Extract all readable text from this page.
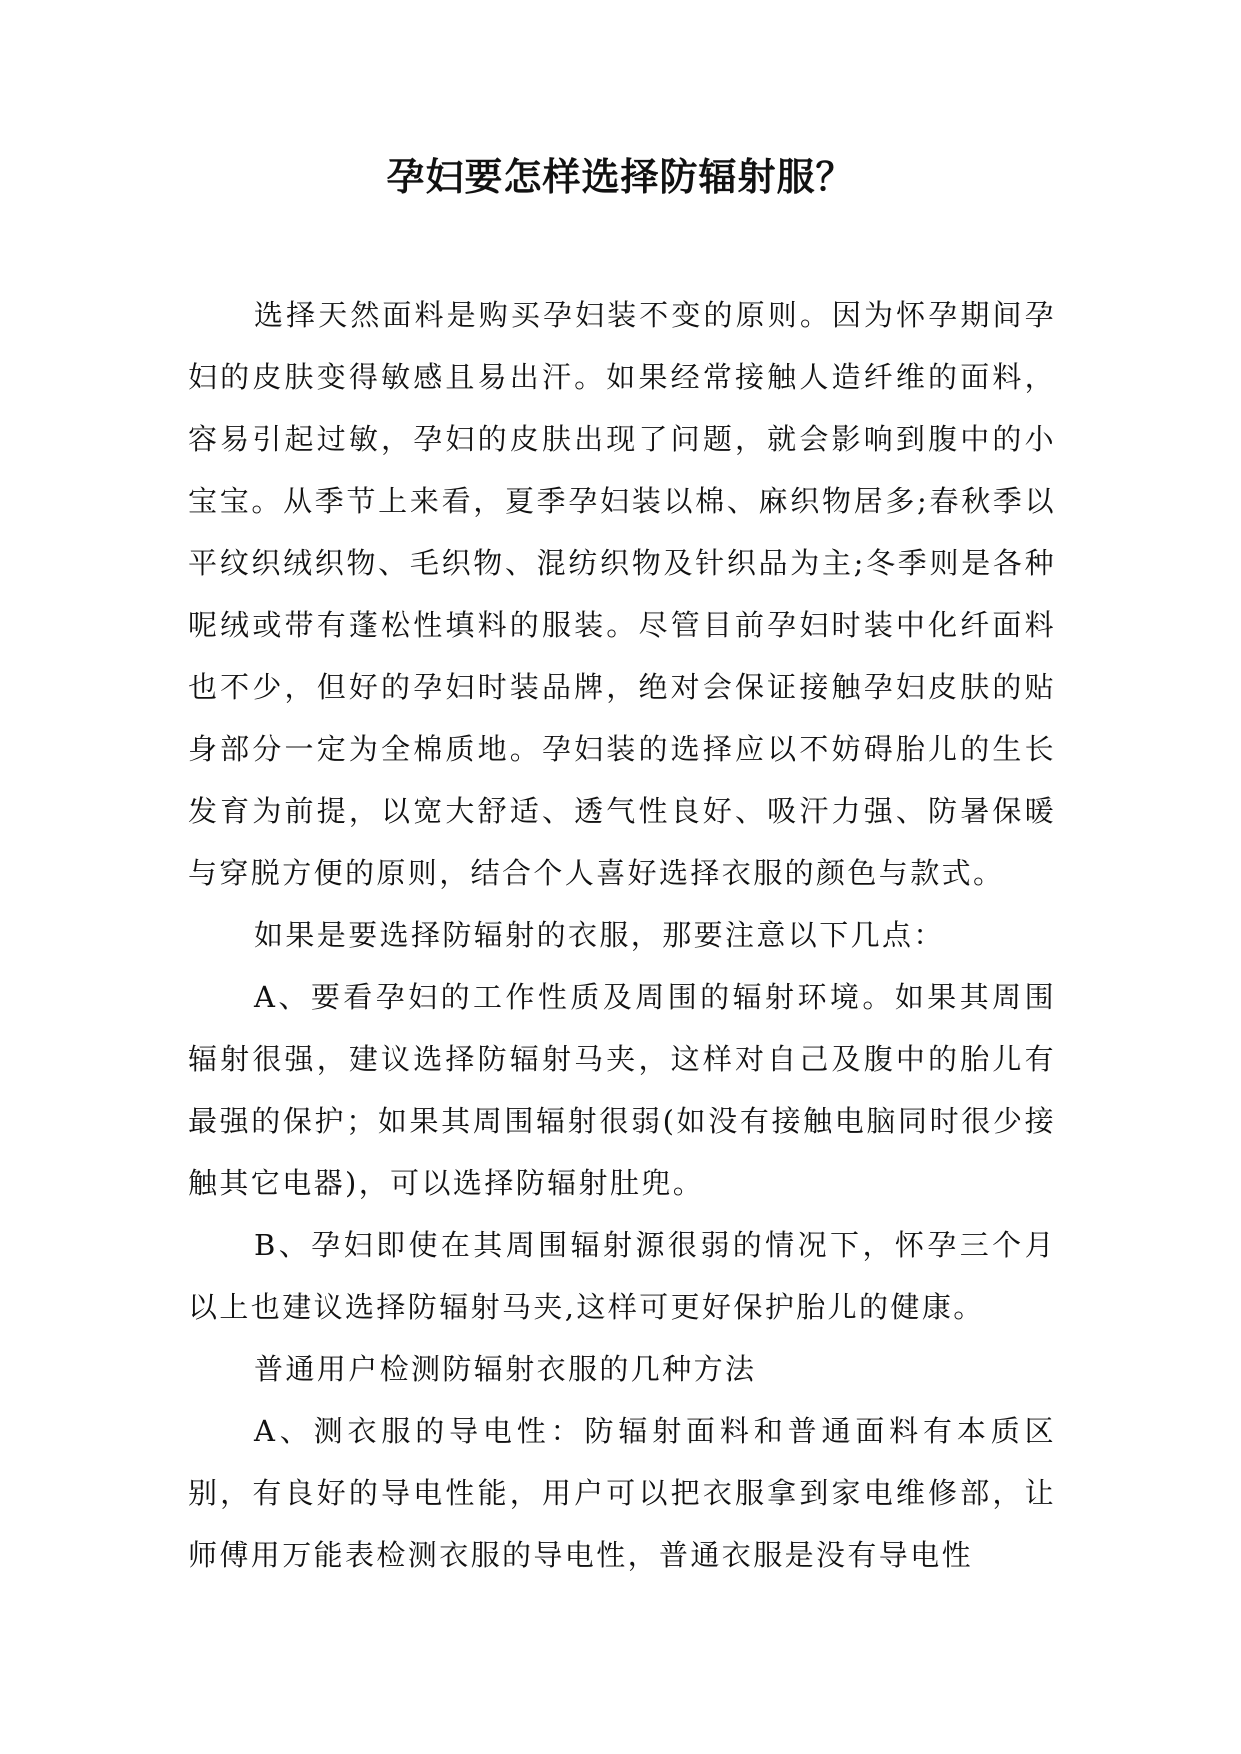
孕妇要怎样选择防辐射服？

选择天然面料是购买孕妇装不变的原则。因为怀孕期间孕妇的皮肤变得敏感且易出汗。如果经常接触人造纤维的面料，容易引起过敏，孕妇的皮肤出现了问题，就会影响到腹中的小宝宝。从季节上来看，夏季孕妇装以棉、麻织物居多;春秋季以平纹织绒织物、毛织物、混纺织物及针织品为主;冬季则是各种呢绒或带有蓬松性填料的服装。尽管目前孕妇时装中化纤面料也不少，但好的孕妇时装品牌，绝对会保证接触孕妇皮肤的贴身部分一定为全棉质地。孕妇装的选择应以不妨碍胎儿的生长发育为前提，以宽大舒适、透气性良好、吸汗力强、防暑保暖与穿脱方便的原则，结合个人喜好选择衣服的颜色与款式。

如果是要选择防辐射的衣服，那要注意以下几点：

A、要看孕妇的工作性质及周围的辐射环境。如果其周围辐射很强，建议选择防辐射马夹，这样对自己及腹中的胎儿有最强的保护；如果其周围辐射很弱(如没有接触电脑同时很少接触其它电器)，可以选择防辐射肚兜。

B、孕妇即使在其周围辐射源很弱的情况下，怀孕三个月以上也建议选择防辐射马夹,这样可更好保护胎儿的健康。

普通用户检测防辐射衣服的几种方法

A、测衣服的导电性：防辐射面料和普通面料有本质区别，有良好的导电性能，用户可以把衣服拿到家电维修部，让师傅用万能表检测衣服的导电性，普通衣服是没有导电性
